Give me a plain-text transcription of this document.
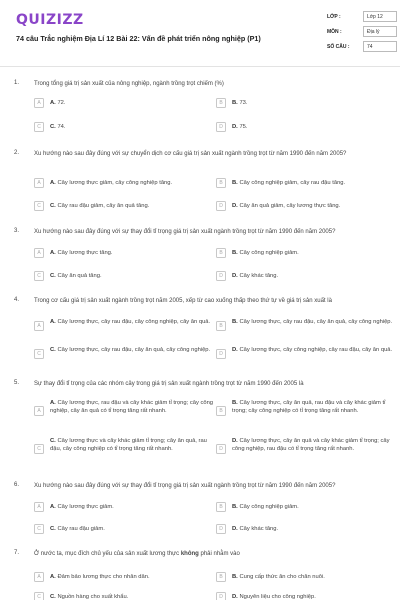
QUIZIZZ
74 câu Trắc nghiệm Địa Lí 12 Bài 22: Vấn đề phát triển nông nghiệp (P1)
LỚP :	Lớp 12
MÔN :	Địa lý
SỐ CÂU :	74
1. Trong tổng giá trị sản xuất của nông nghiệp, ngành trồng trọt chiếm (%)
A	A. 72.	B	B. 73.
C	C. 74.	D	D. 75.
2. Xu hướng nào sau đây đúng với sự chuyển dịch cơ cấu giá trị sản xuất ngành trồng trọt từ năm 1990 đến năm 2005?
A	A. Cây lương thực giảm, cây công nghiệp tăng.	B	B. Cây công nghiệp giảm, cây rau đậu tăng.
C	C. Cây rau đậu giảm, cây ăn quả tăng.	D	D. Cây ăn quả giảm, cây lương thực tăng.
3. Xu hướng nào sau đây đúng với sự thay đổi tỉ trọng giá trị sản xuất ngành trồng trọt từ năm 1990 đến năm 2005?
A	A. Cây lương thực tăng.	B	B. Cây công nghiệp giảm.
C	C. Cây ăn quả tăng.	D	D. Cây khác tăng.
4. Trong cơ cấu giá trị sản xuất ngành trồng trọt năm 2005, xếp từ cao xuống thấp theo thứ tự về giá trị sản xuất là
A
A. Cây lương thực, cây rau đậu, cây công nghiệp, cây ăn quả.
B
B. Cây lương thực, cây rau đậu, cây ăn quả, cây công nghiệp.
C
C. Cây lương thực, cây rau đậu, cây ăn quả, cây công nghiệp.
D
D. Cây lương thực, cây công nghiệp, cây rau đậu, cây ăn quả.
5. Sự thay đổi tỉ trọng của các nhóm cây trong giá trị sản xuất ngành trồng trọt từ năm 1990 đến 2005 là
A
A. Cây lương thực, rau đậu và cây khác giảm tỉ trọng; cây công nghiệp, cây ăn quả có tỉ trọng tăng rất nhanh.	B
B. Cây lương thực, cây ăn quả, rau đậu và cây khác giảm tỉ trọng; cây công nghiệp có tỉ trọng tăng rất nhanh.
C
C. Cây lương thực và cây khác giảm tỉ trọng; cây ăn quả, rau đậu, cây công nghiệp có tỉ trọng tăng rất nhanh.	D
D. Cây lương thực, cây ăn quả và cây khác giảm tỉ trọng; cây công nghiệp, rau đậu có tỉ trọng tăng rất nhanh.
6. Xu hướng nào sau đây đúng với sự thay đổi tỉ trọng giá trị sản xuất ngành trồng trọt từ năm 1990 đến năm 2005?
A	A. Cây lương thực giảm.	B	B. Cây công nghiệp giảm.
C	C. Cây rau đậu giảm.	D	D. Cây khác tăng.
7. Ở nước ta, mục đích chủ yếu của sản xuất lương thực không phải nhằm vào
A	A. Đảm bảo lương thực cho nhân dân.	B	B. Cung cấp thức ăn cho chăn nuôi.
C	C. Nguồn hàng cho xuất khẩu.	D	D. Nguyên liệu cho công nghiệp.
